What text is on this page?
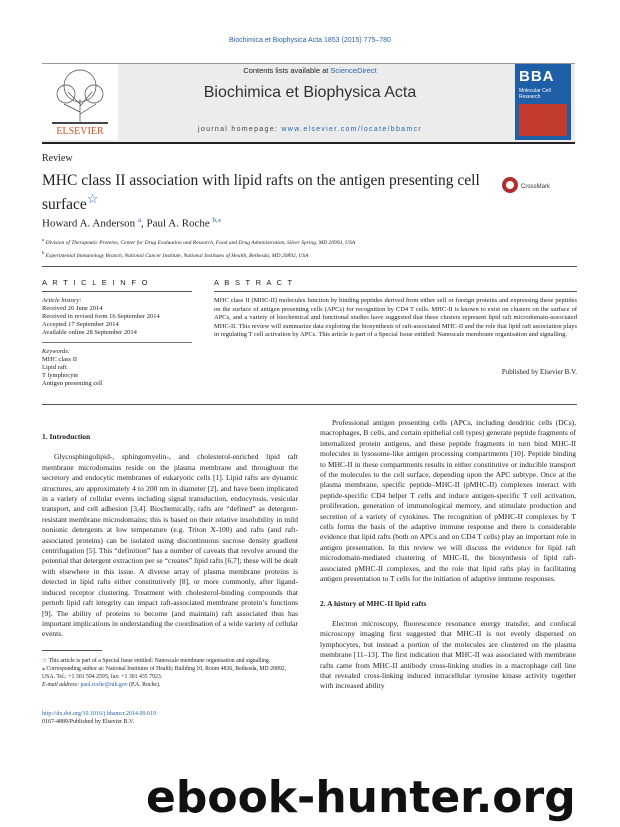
Biochimica et Biophysica Acta 1853 (2015) 775–780
Contents lists available at ScienceDirect
Biochimica et Biophysica Acta
journal homepage: www.elsevier.com/locate/bbamcr
ELSEVIER
BBA
Molecular Cell Research
Review
MHC class II association with lipid rafts on the antigen presenting cell surface☆
CrossMark
Howard A. Anderson $^a$, Paul A. Roche $^{b,⁎}$
$^a$ Division of Therapeutic Proteins, Center for Drug Evaluation and Research, Food and Drug Administration, Silver Spring, MD 20993, USA
$^b$ Experimental Immunology Branch, National Cancer Institute, National Institutes of Health, Bethesda, MD 20892, USA
A R T I C L E I N F O	A B S T R A C T
Article history:
Received 26 June 2014
Received in revised form 16 September 2014
Accepted 17 September 2014
Available online 28 September 2014
Keywords:
MHC class II
Lipid raft
T lymphocyte
Antigen presenting cell
MHC class II (MHC-II) molecules function by binding peptides derived from either self or foreign proteins and expressing these peptides on the surface of antigen presenting cells (APCs) for recognition by CD4 T cells. MHC-II is known to exist on clusters on the surface of APCs, and a variety of biochemical and functional studies have suggested that these clusters represent lipid raft microdomain-associated MHC-II. This review will summarize data exploring the biosynthesis of raft-associated MHC-II and the role that lipid raft association plays in regulating T cell activation by APCs. This article is part of a Special Issue entitled: Nanoscale membrane organisation and signalling.
Published by Elsevier B.V.
1. Introduction

Glycosphingolipid-, sphingomyelin-, and cholesterol-enriched lipid raft membrane microdomains reside on the plasma membrane and throughout the secretory and endocytic membranes of eukaryotic cells [1]. Lipid rafts are dynamic structures, are approximately 4 to 200 nm in diameter [2], and have been implicated in a variety of cellular events including signal transduction, endocytosis, vesicular transport, and cell adhesion [3,4]. Biochemically, rafts are “defined” as detergent-resistant membrane microdomains; this is based on their relative insolubility in mild nonionic detergents at low temperature (e.g. Triton X-100) and rafts (and raft-associated proteins) can be isolated using discontinuous sucrose density gradient centrifugation [5]. This “definition” has a number of caveats that revolve around the potential that detergent extraction per se “creates” lipid rafts [6,7]; these will be dealt with elsewhere in this issue. A diverse array of plasma membrane proteins is detected in lipid rafts either constitutively [8], or more commonly, after ligand-induced receptor clustering. Treatment with cholesterol-binding compounds that perturb lipid raft integrity can impact raft-associated membrane protein’s functions [9]. The ability of proteins to become (and maintain) raft associated thus has important implications in understanding the coordination of a wide variety of cellular events.

Professional antigen presenting cells (APCs, including dendritic cells (DCs), macrophages, B cells, and certain epithelial cell types) generate peptide fragments of internalized protein antigens, and these peptide fragments in turn bind MHC-II molecules in lysosome-like antigen processing compartments [10]. Peptide binding to MHC-II in these compartments results in either constitutive or inducible transport of the molecules to the cell surface, depending upon the APC subtype. Once at the plasma membrane, specific peptide–MHC-II (pMHC-II) complexes interact with peptide-specific CD4 helper T cells and induce antigen-specific T cell activation, proliferation, generation of immunological memory, and stimulate production and secretion of a variety of cytokines. The recognition of pMHC-II complexes by T cells forms the basis of the adaptive immune response and there is considerable evidence that lipid rafts (both on APCs and on CD4 T cells) play an important role in antigen presentation. In this review we will discuss the evidence for lipid raft microdomain-mediated clustering of MHC-II, the biosynthesis of lipid raft-associated pMHC-II complexes, and the role that lipid rafts play in facilitating antigen presentation to T cells for the initiation of adaptive immune responses.

2. A history of MHC-II lipid rafts

Electron microscopy, fluorescence resonance energy transfer, and confocal microscopy imaging first suggested that MHC-II is not evenly dispersed on lymphocytes, but instead a portion of the molecules are clustered on the plasma membrane [11–13]. The first indication that MHC-II was associated with membrane rafts came from MHC-II antibody cross-linking studies in a macrophage cell line that revealed cross-linking induced intracellular tyrosine kinase activity together with increased ability

☆ This article is part of a Special Issue entitled: Nanoscale membrane organisation and signalling.
⁎ Corresponding author at: National Institutes of Health; Building 10, Room 4836, Bethesda, MD 20892, USA. Tel.: +1 301 594 2595; fax: +1 301 435 7923.
E-mail address: paul.roche@nih.gov (P.A. Roche).
http://dx.doi.org/10.1016/j.bbamcr.2014.09.019
0167-4889/Published by Elsevier B.V.
ebook-hunter.org
